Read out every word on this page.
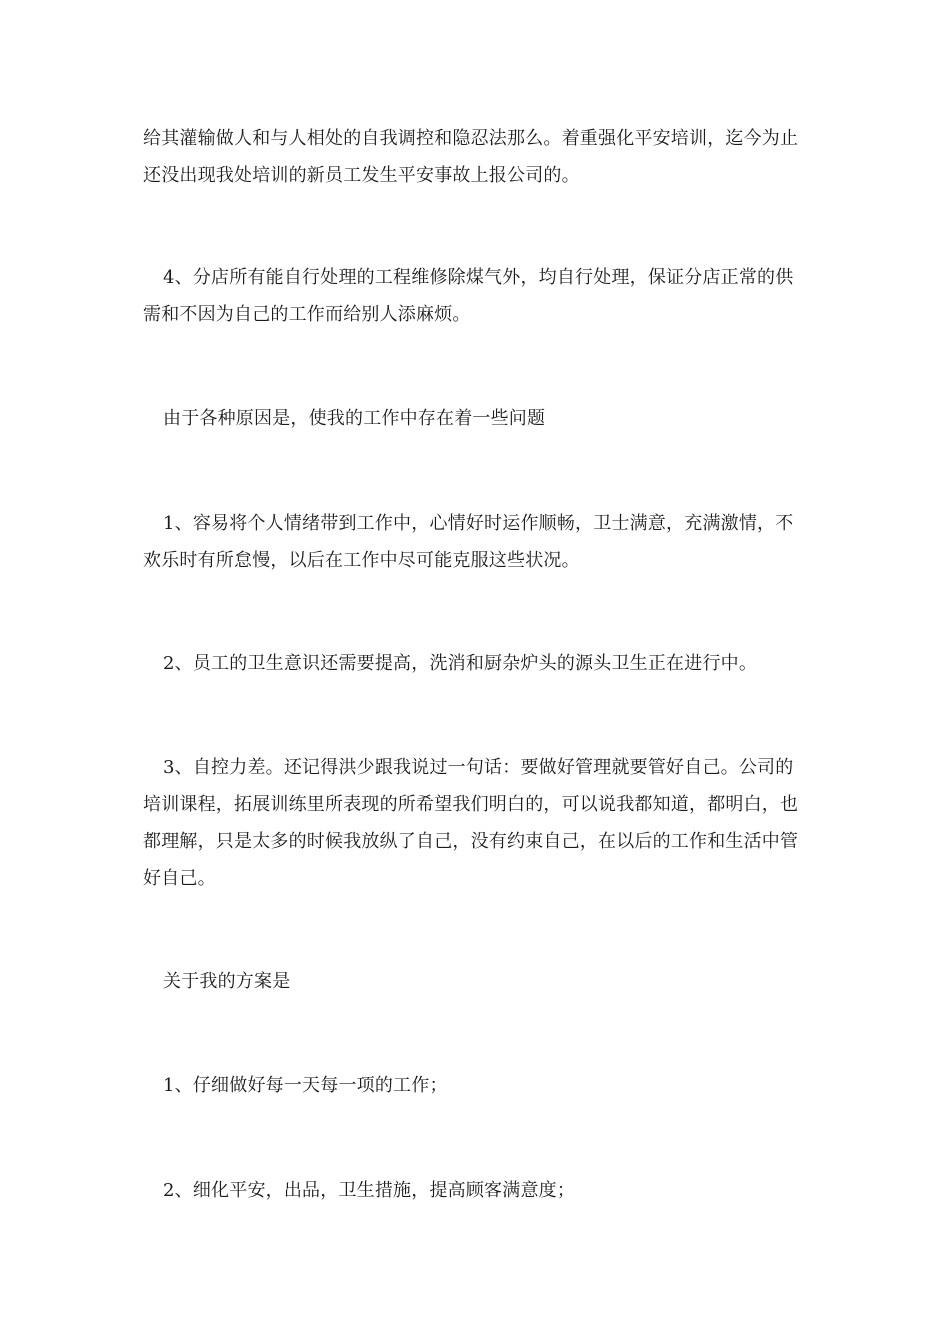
给其灌输做人和与人相处的自我调控和隐忍法那么。着重强化平安培训，迄今为止还没出现我处培训的新员工发生平安事故上报公司的。

4、分店所有能自行处理的工程维修除煤气外，均自行处理，保证分店正常的供需和不因为自己的工作而给别人添麻烦。

由于各种原因是，使我的工作中存在着一些问题

1、容易将个人情绪带到工作中，心情好时运作顺畅，卫士满意，充满激情，不欢乐时有所怠慢，以后在工作中尽可能克服这些状况。

2、员工的卫生意识还需要提高，洗消和厨杂炉头的源头卫生正在进行中。

3、自控力差。还记得洪少跟我说过一句话：要做好管理就要管好自己。公司的培训课程，拓展训练里所表现的所希望我们明白的，可以说我都知道，都明白，也都理解，只是太多的时候我放纵了自己，没有约束自己，在以后的工作和生活中管好自己。

关于我的方案是

1、仔细做好每一天每一项的工作；

2、细化平安，出品，卫生措施，提高顾客满意度；
